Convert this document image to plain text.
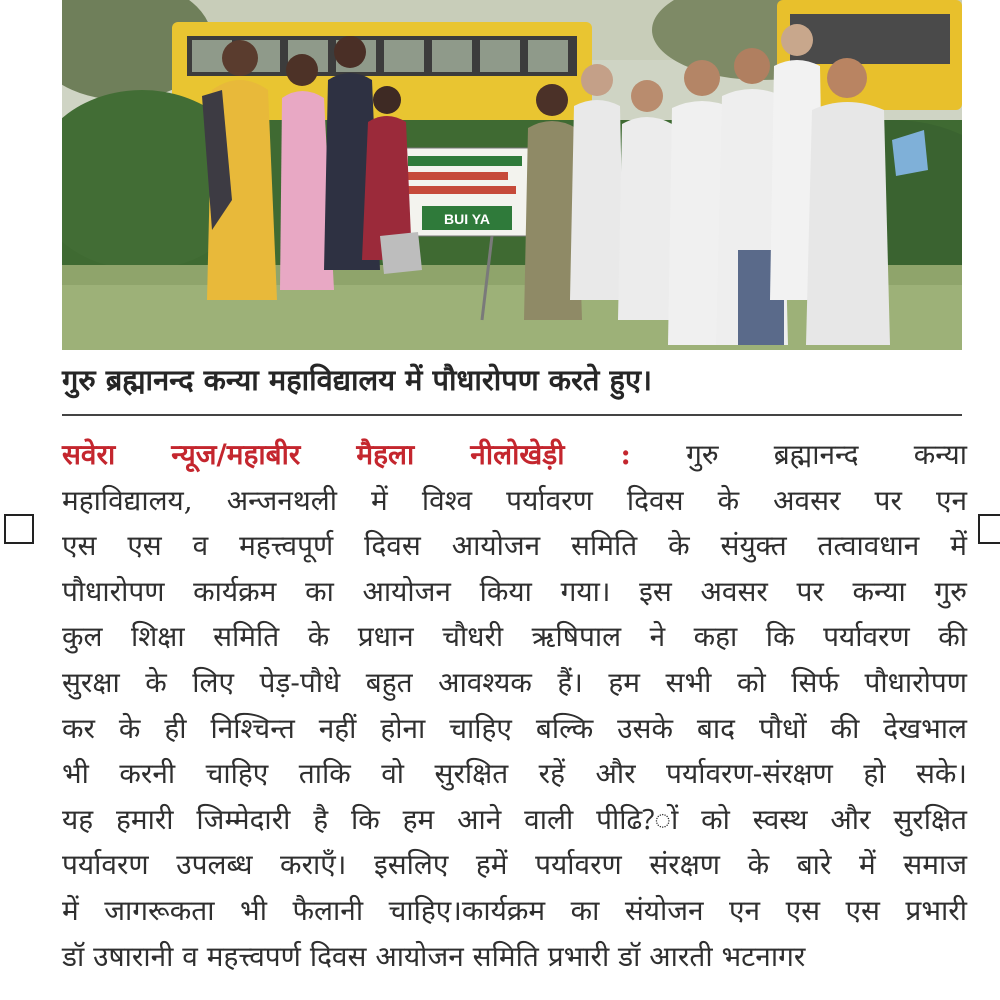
BUI YA
गुरु ब्रह्मानन्द कन्या महाविद्यालय में पौधारोपण करते हुए।
सवेरा न्यूज/महाबीर मैहला नीलोखेड़ी : गुरु ब्रह्मानन्द कन्या
महाविद्यालय, अन्जनथली में विश्व पर्यावरण दिवस के अवसर पर एन
एस एस व महत्त्वपूर्ण दिवस आयोजन समिति के संयुक्त तत्वावधान में
पौधारोपण कार्यक्रम का आयोजन किया गया। इस अवसर पर कन्या गुरु
कुल शिक्षा समिति के प्रधान चौधरी ऋषिपाल ने कहा कि पर्यावरण की
सुरक्षा के लिए पेड़-पौधे बहुत आवश्यक हैं। हम सभी को सिर्फ पौधारोपण
कर के ही निश्चिन्त नहीं होना चाहिए बल्कि उसके बाद पौधों की देखभाल
भी करनी चाहिए ताकि वो सुरक्षित रहें और पर्यावरण-संरक्षण हो सके।
यह हमारी जिम्मेदारी है कि हम आने वाली पीढि?ों को स्वस्थ और सुरक्षित
पर्यावरण उपलब्ध कराएँ। इसलिए हमें पर्यावरण संरक्षण के बारे में समाज
में जागरूकता भी फैलानी चाहिए।कार्यक्रम का संयोजन एन एस एस प्रभारी
डॉ उषारानी व महत्त्वपर्ण दिवस आयोजन समिति प्रभारी डॉ आरती भटनागर
